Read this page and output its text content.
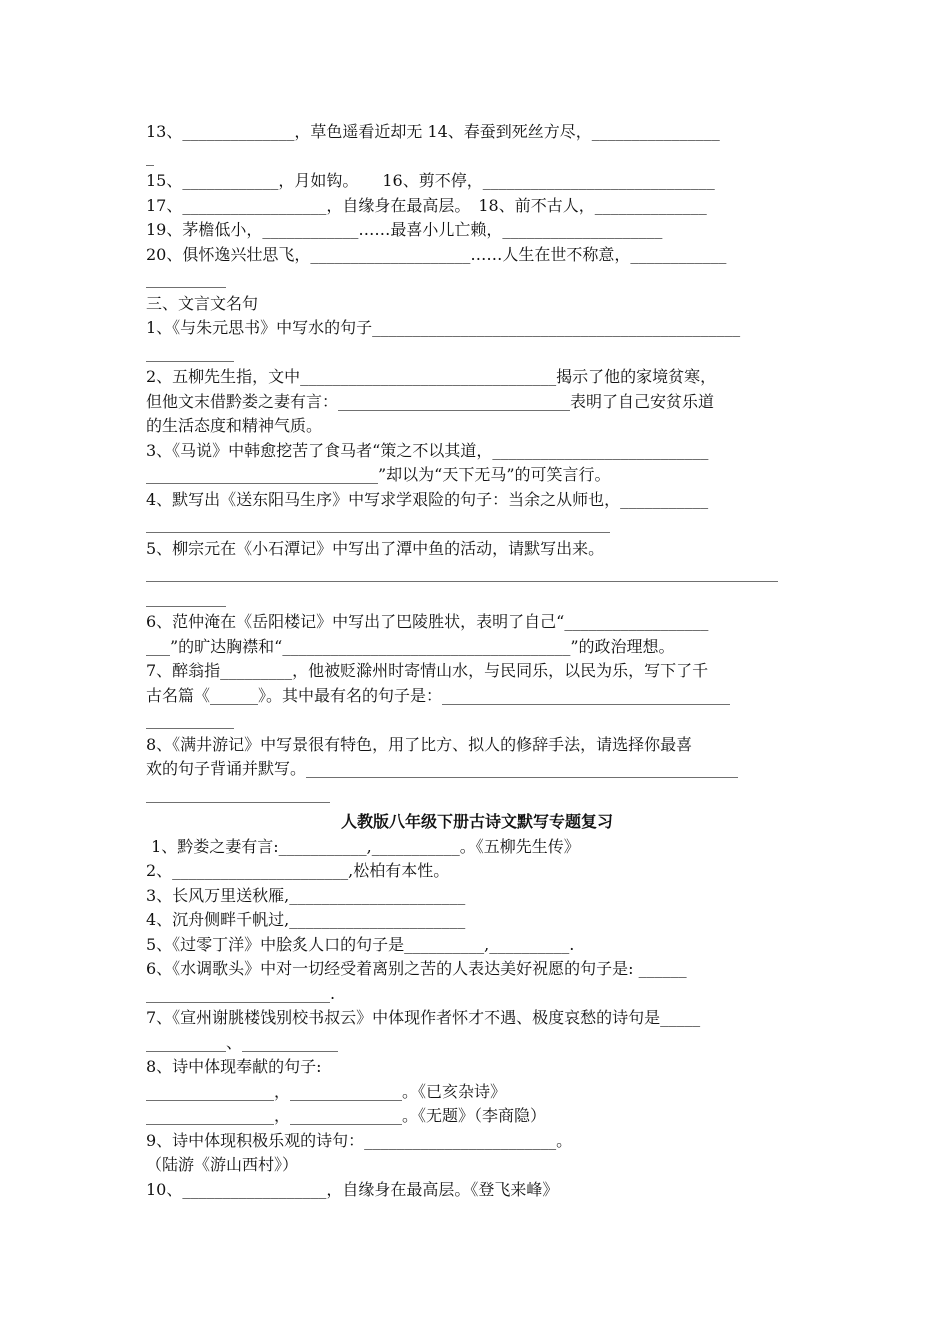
13、______________，草色遥看近却无 14、春蚕到死丝方尽，________________
_
15、____________，月如钩。　　16、剪不停，_____________________________
17、__________________，自缘身在最高层。　18、前不古人，______________
19、茅檐低小，____________……最喜小儿亡赖，____________________
20、俱怀逸兴壮思飞，____________________……人生在世不称意，____________
__________
三、文言文名句
1、《与朱元思书》中写水的句子______________________________________________
___________
2、五柳先生指，文中________________________________揭示了他的家境贫寒，
但他文末借黔娄之妻有言：_____________________________表明了自己安贫乐道
的生活态度和精神气质。
3、《马说》中韩愈挖苦了食马者“策之不以其道，___________________________
_____________________________”却以为“天下无马”的可笑言行。
4、默写出《送东阳马生序》中写求学艰险的句子：当余之从师也，___________
__________________________________________________________
5、柳宗元在《小石潭记》中写出了潭中鱼的活动，请默写出来。
_______________________________________________________________________________
__________
6、范仲淹在《岳阳楼记》中写出了巴陵胜状，表明了自己“__________________
___”的旷达胸襟和“____________________________________”的政治理想。
7、醉翁指_________，他被贬滁州时寄情山水，与民同乐，以民为乐，写下了千
古名篇《______》。其中最有名的句子是：____________________________________
___________
8、《满井游记》中写景很有特色，用了比方、拟人的修辞手法，请选择你最喜
欢的句子背诵并默写。______________________________________________________
_______________________
人教版八年级下册古诗文默写专题复习
1、黔娄之妻有言:___________,___________。《五柳先生传》
2、______________________,松柏有本性。
3、长风万里送秋雁,______________________
4、沉舟侧畔千帆过,______________________
5、《过零丁洋》中脍炙人口的句子是__________,__________.
6、《水调歌头》中对一切经受着离别之苦的人表达美好祝愿的句子是: ______
_______________________.
7、《宣州谢朓楼饯别校书叔云》中体现作者怀才不遇、极度哀愁的诗句是_____
__________、____________
8、诗中体现奉献的句子:
________________，______________。《已亥杂诗》
________________，______________。《无题》（李商隐）
9、诗中体现积极乐观的诗句：________________________。
（陆游《游山西村》）
10、__________________，自缘身在最高层。《登飞来峰》
